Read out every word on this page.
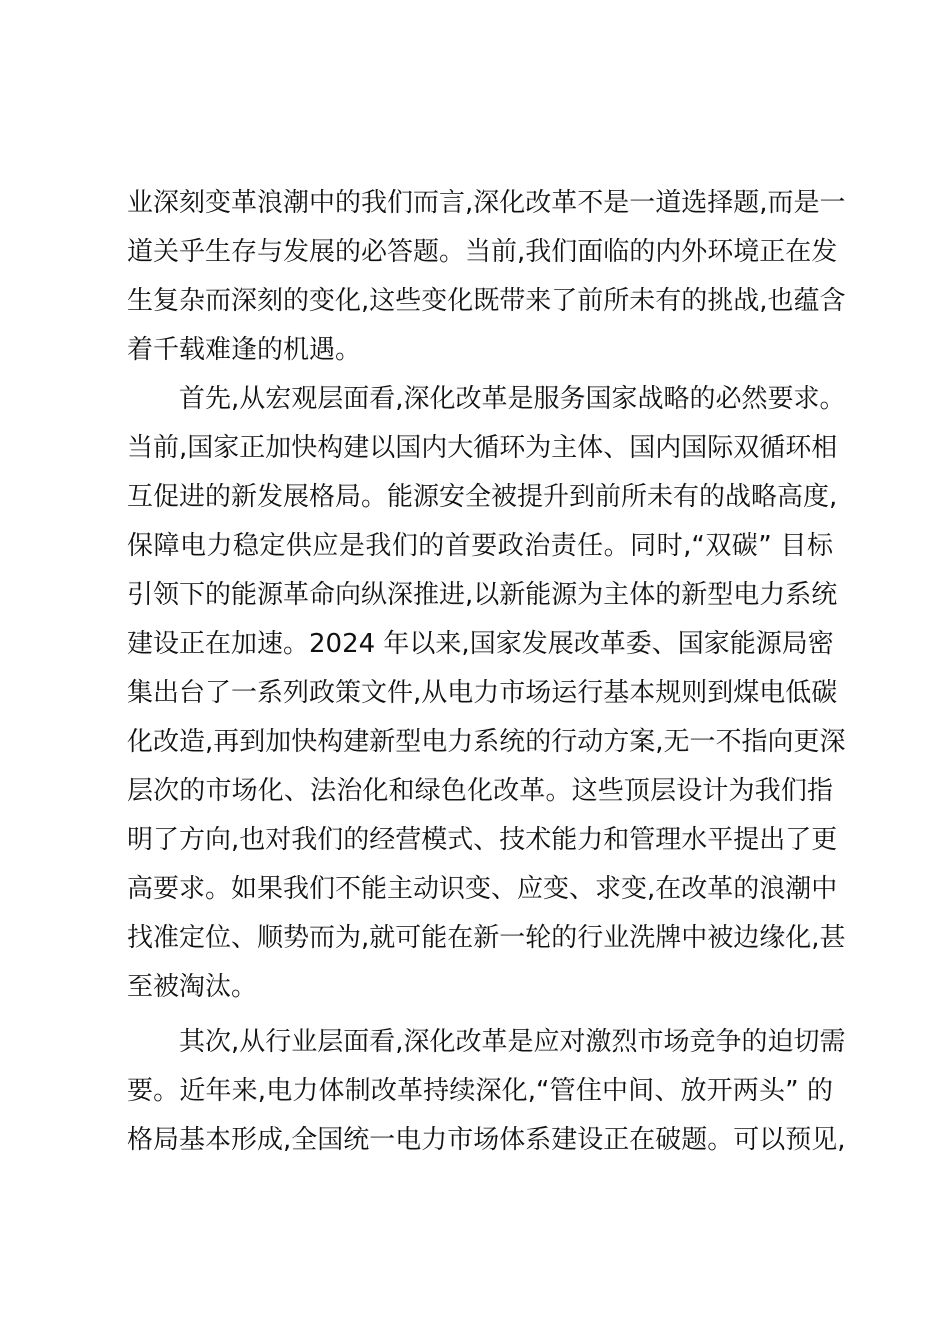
业深刻变革浪潮中的我们而言,深化改革不是一道选择题,而是一
道关乎生存与发展的必答题。当前,我们面临的内外环境正在发
生复杂而深刻的变化,这些变化既带来了前所未有的挑战,也蕴含
着千载难逢的机遇。
首先,从宏观层面看,深化改革是服务国家战略的必然要求。
当前,国家正加快构建以国内大循环为主体、国内国际双循环相
互促进的新发展格局。能源安全被提升到前所未有的战略高度,
保障电力稳定供应是我们的首要政治责任。同时,“双碳” 目标
引领下的能源革命向纵深推进,以新能源为主体的新型电力系统
建设正在加速。2024 年以来,国家发展改革委、国家能源局密
集出台了一系列政策文件,从电力市场运行基本规则到煤电低碳
化改造,再到加快构建新型电力系统的行动方案,无一不指向更深
层次的市场化、法治化和绿色化改革。这些顶层设计为我们指
明了方向,也对我们的经营模式、技术能力和管理水平提出了更
高要求。如果我们不能主动识变、应变、求变,在改革的浪潮中
找准定位、顺势而为,就可能在新一轮的行业洗牌中被边缘化,甚
至被淘汰。
其次,从行业层面看,深化改革是应对激烈市场竞争的迫切需
要。近年来,电力体制改革持续深化,“管住中间、放开两头” 的
格局基本形成,全国统一电力市场体系建设正在破题。可以预见,
